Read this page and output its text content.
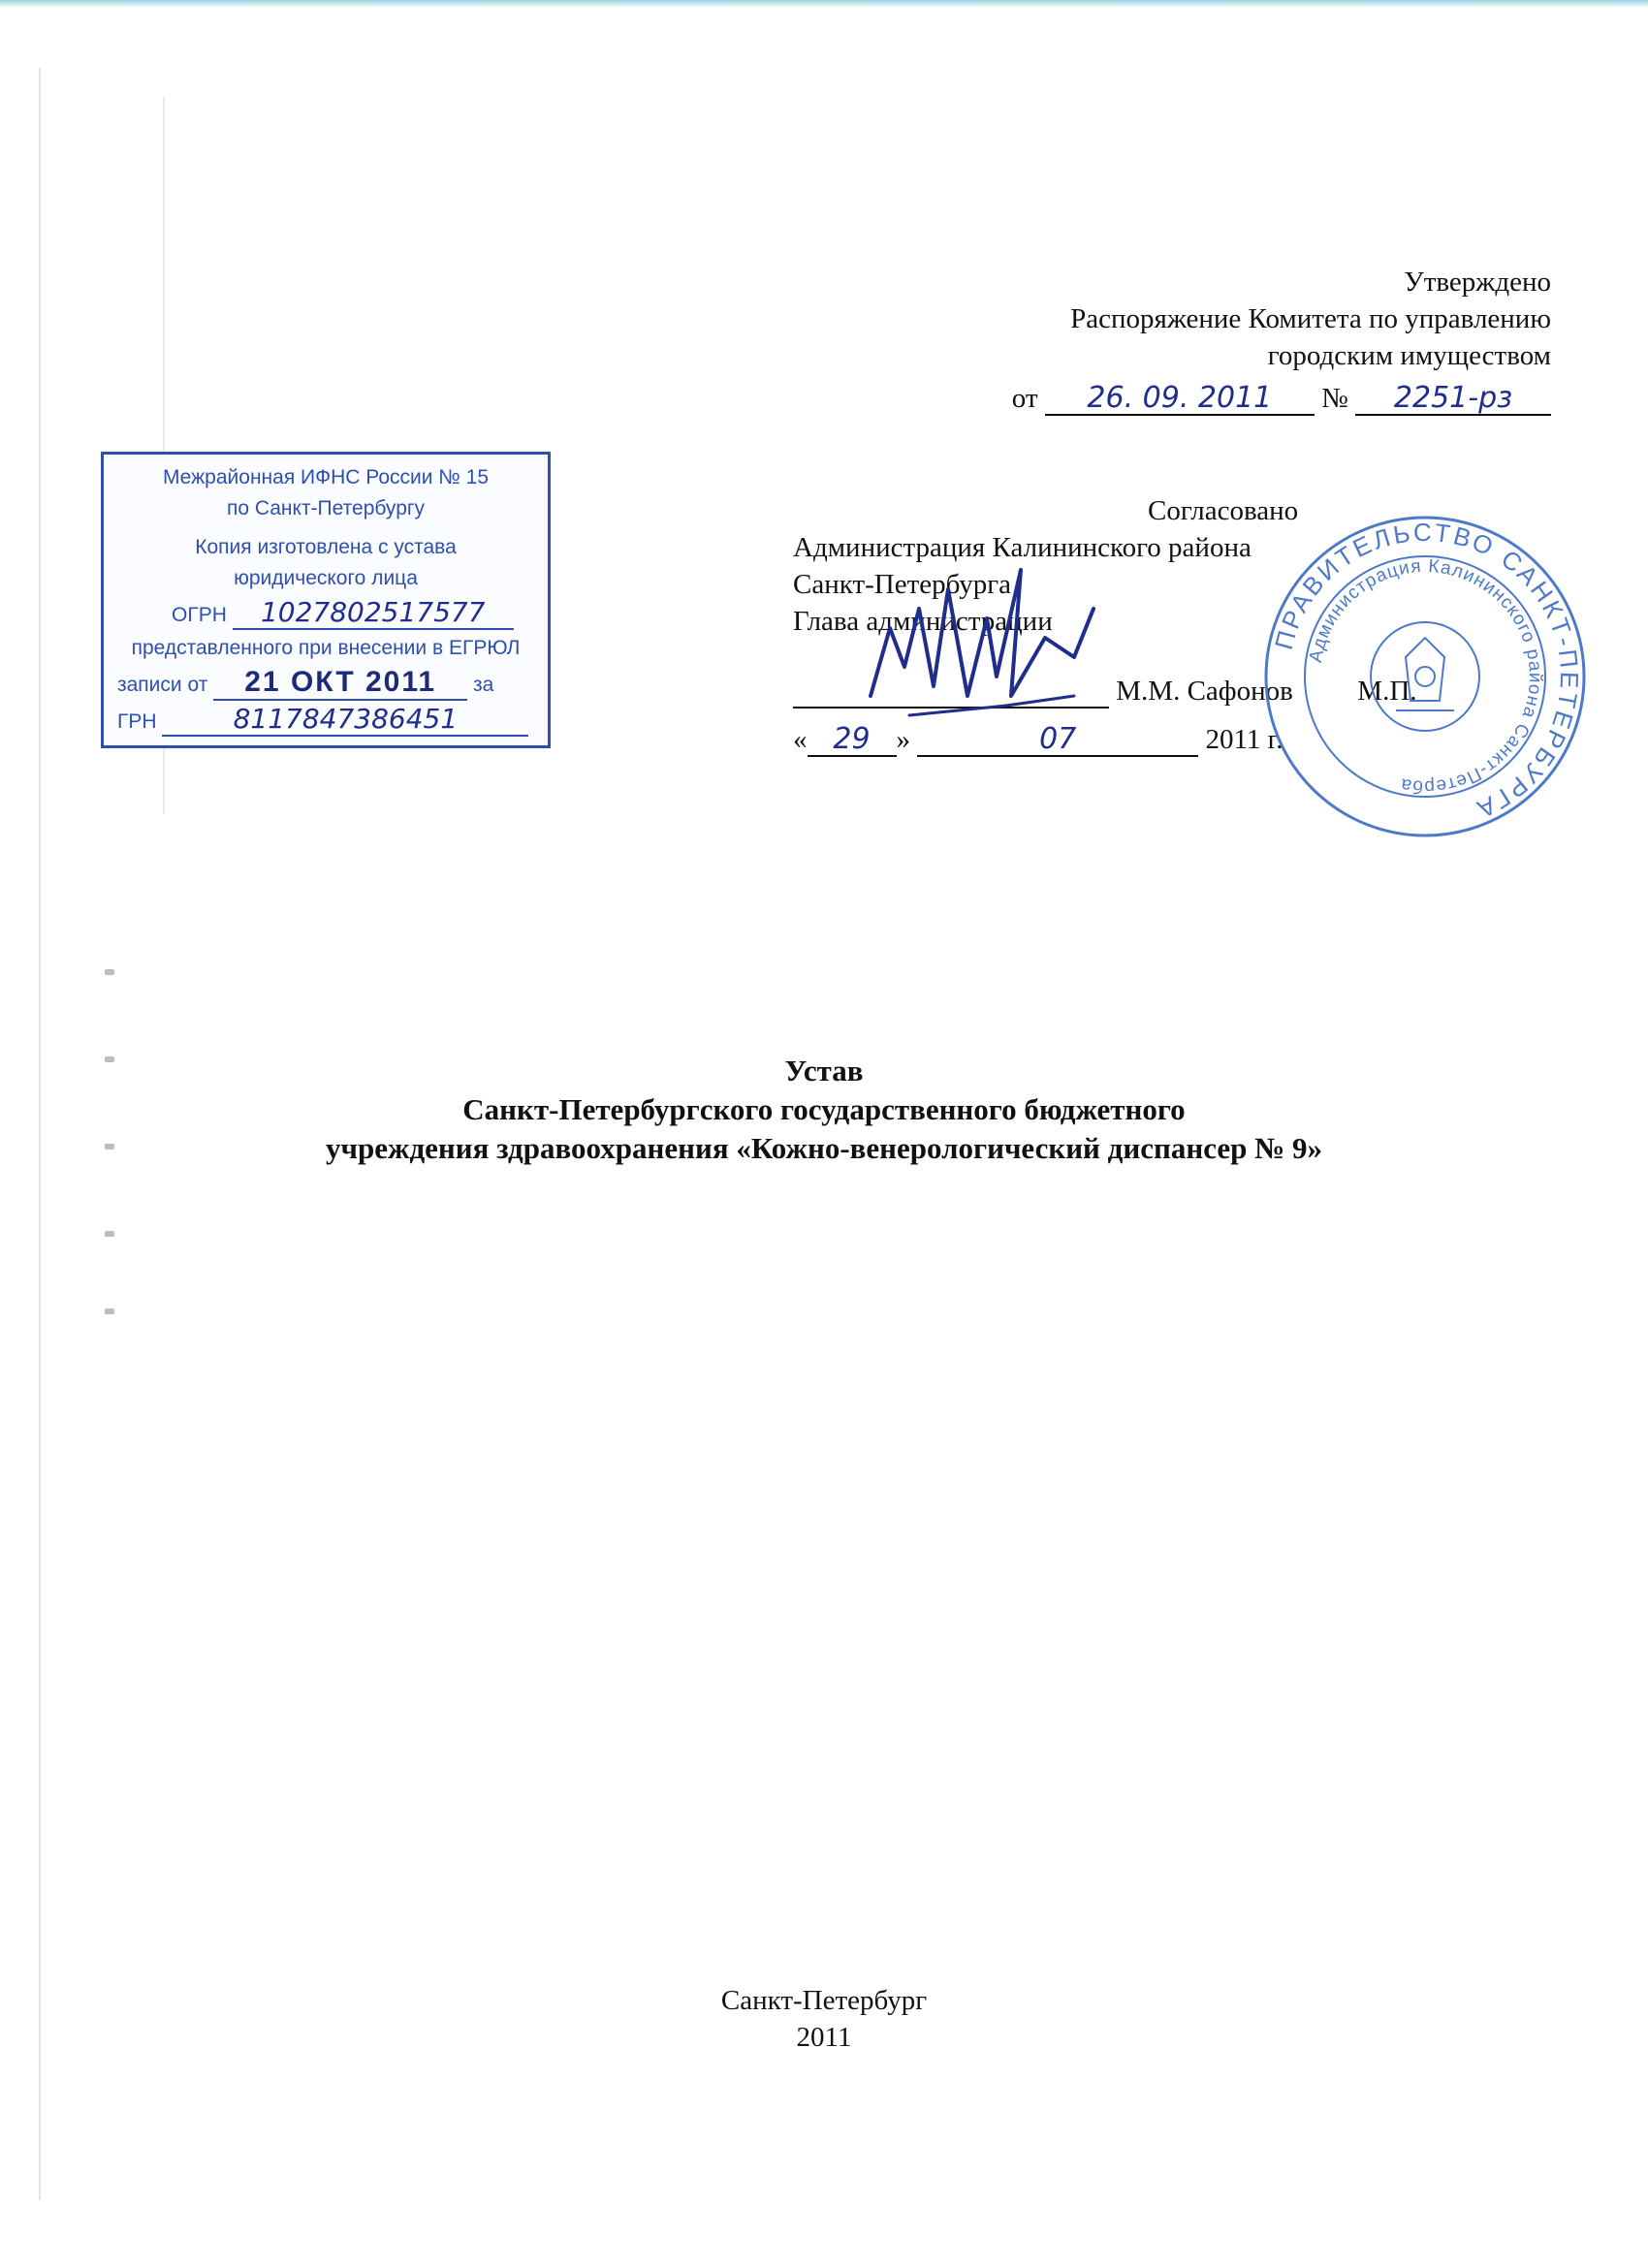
Утверждено
Распоряжение Комитета по управлению
городским имуществом
от 26. 09. 2011 № 2251-рз
Межрайонная ИФНС России № 15
по Санкт-Петербургу
Копия изготовлена с устава
юридического лица
ОГРН 1027802517577
представленного при внесении в ЕГРЮЛ
записи от 21 ОКТ 2011 за
ГРН	8117847386451
Согласовано
Администрация Калининского района
Санкт-Петербурга
Глава администрации
М.М. Сафонов М.П.
« 29 »	07	2011 г.
ПРАВИТЕЛЬСТВО САНКТ-ПЕТЕРБУРГА
Администрация Калининского района Санкт-Петерба
Устав
Санкт-Петербургского государственного бюджетного
учреждения здравоохранения «Кожно-венерологический диспансер № 9»
Санкт-Петербург
2011
